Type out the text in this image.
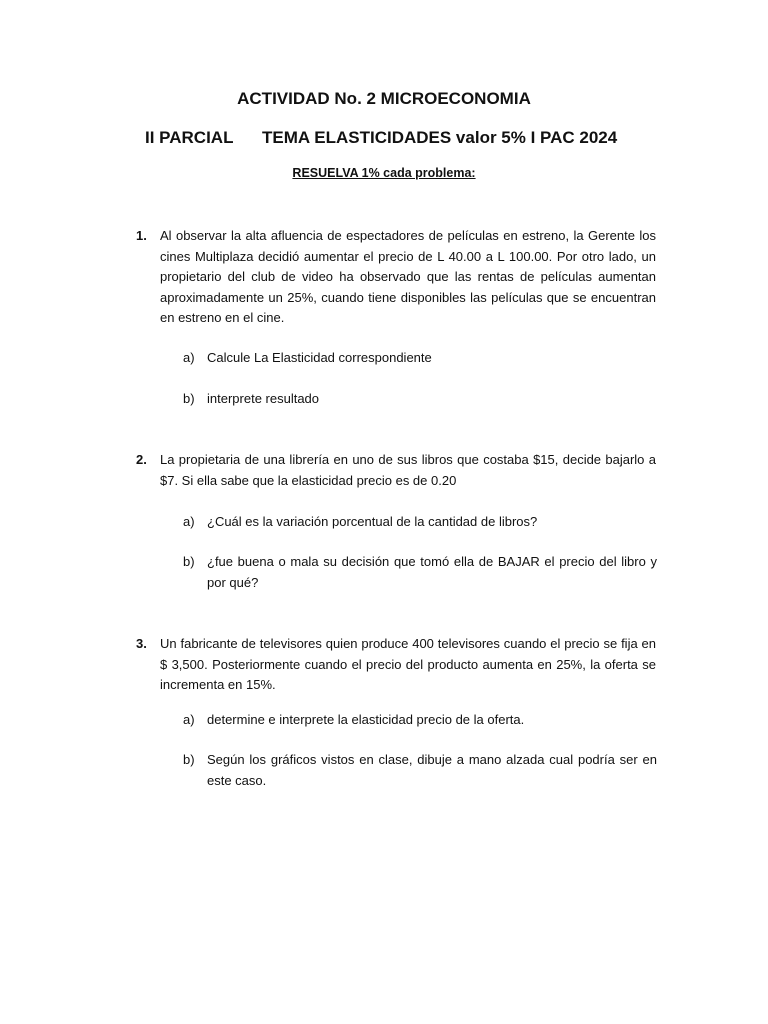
ACTIVIDAD No. 2 MICROECONOMIA
II PARCIAL TEMA ELASTICIDADES valor 5% I PAC 2024

RESUELVA 1% cada problema:

1. Al observar la alta afluencia de espectadores de películas en estreno, la Gerente los cines Multiplaza decidió aumentar el precio de L 40.00 a L 100.00. Por otro lado, un propietario del club de video ha observado que las rentas de películas aumentan aproximadamente un 25%, cuando tiene disponibles las películas que se encuentran en estreno en el cine.
a) Calcule La Elasticidad correspondiente
b) interprete resultado
2. La propietaria de una librería en uno de sus libros que costaba $15, decide bajarlo a $7. Si ella sabe que la elasticidad precio es de 0.20
a) ¿Cuál es la variación porcentual de la cantidad de libros?
b) ¿fue buena o mala su decisión que tomó ella de BAJAR el precio del libro y por qué?
3. Un fabricante de televisores quien produce 400 televisores cuando el precio se fija en $ 3,500. Posteriormente cuando el precio del producto aumenta en 25%, la oferta se incrementa en 15%.
a) determine e interprete la elasticidad precio de la oferta.
b) Según los gráficos vistos en clase, dibuje a mano alzada cual podría ser en este caso.
